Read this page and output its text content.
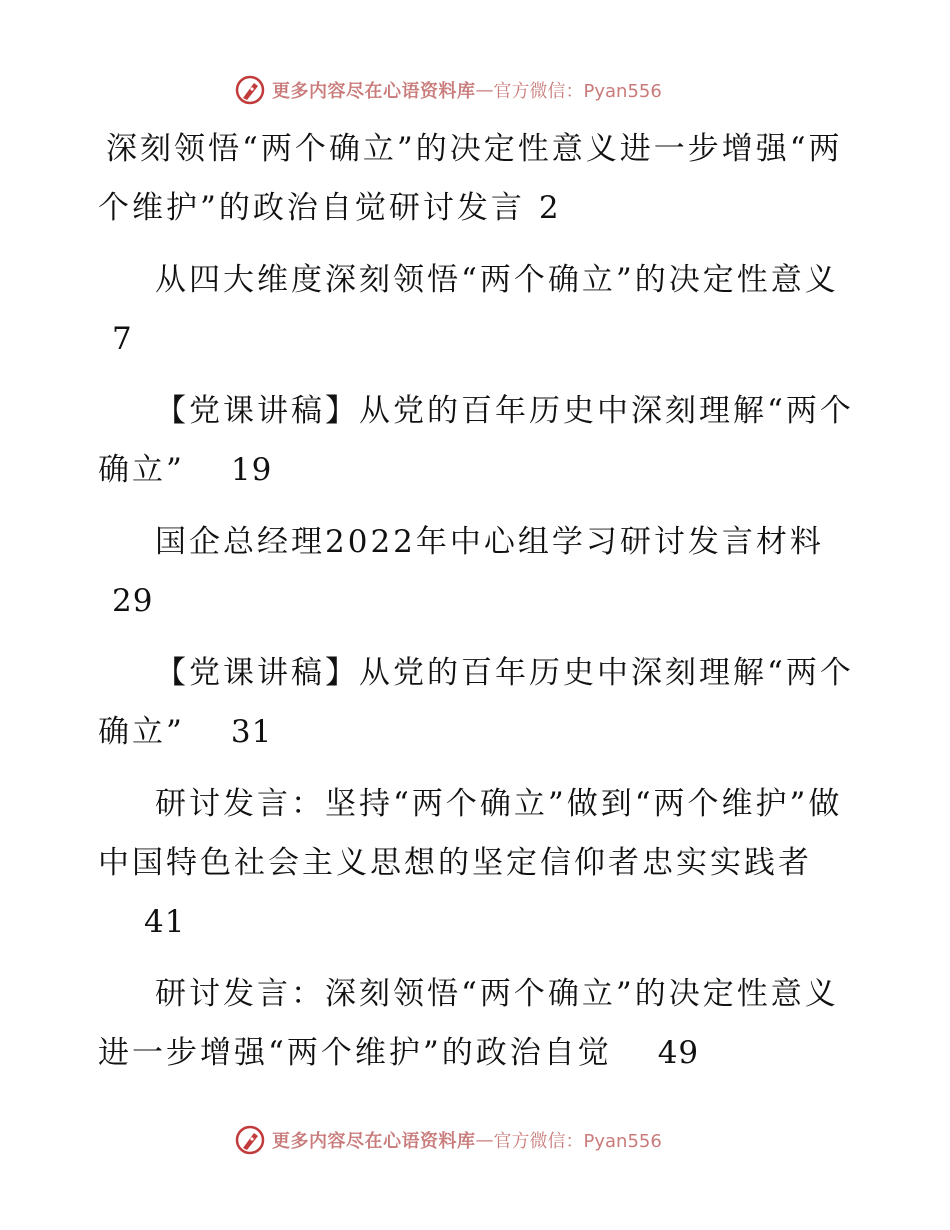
更多内容尽在心语资料库 — 官方微信：Pyan556

深刻领悟“两个确立”的决定性意义进一步增强“两个维护”的政治自觉研讨发言 2

从四大维度深刻领悟“两个确立”的决定性意义7

【党课讲稿】从党的百年历史中深刻理解“两个确立” 19

国企总经理2022年中心组学习研讨发言材料29

【党课讲稿】从党的百年历史中深刻理解“两个确立” 31

研讨发言：坚持“两个确立”做到“两个维护”做中国特色社会主义思想的坚定信仰者忠实实践者41

研讨发言：深刻领悟“两个确立”的决定性意义进一步增强“两个维护”的政治自觉 49

更多内容尽在心语资料库 — 官方微信：Pyan556
